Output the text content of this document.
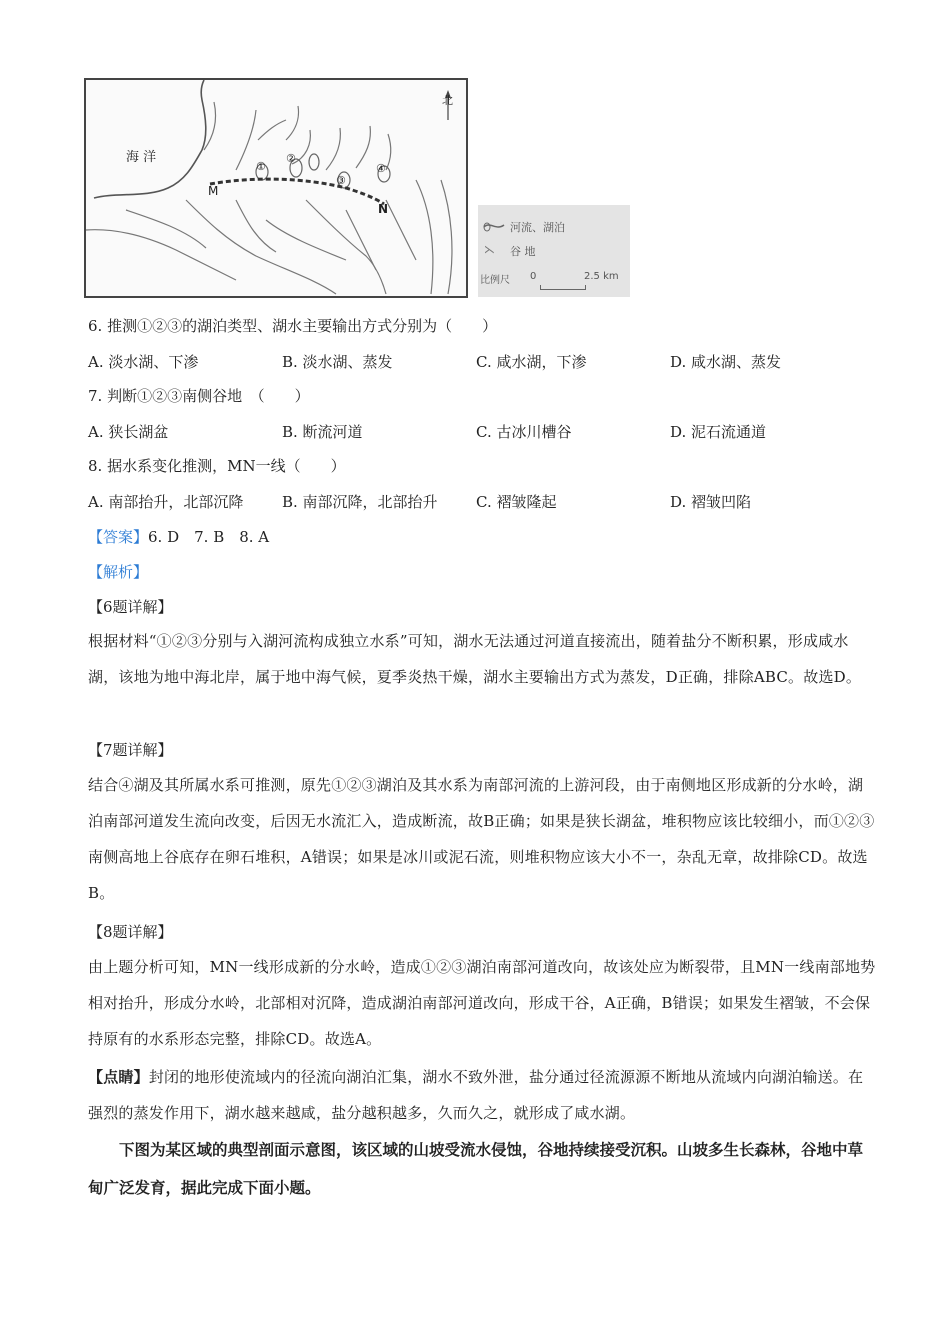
海 洋
北
M
N
①
②
③
④
河流、湖泊
⋋ 谷 地
比例尺 0	2.5 km
6. 推测①②③的湖泊类型、湖水主要输出方式分别为（　　）
A. 淡水湖、下渗	B. 淡水湖、蒸发	C. 咸水湖，下渗	D. 咸水湖、蒸发
7. 判断①②③南侧谷地　（　　）
A. 狭长湖盆	B. 断流河道	C. 古冰川槽谷	D. 泥石流通道
8. 据水系变化推测，MN一线（　　）
A. 南部抬升，北部沉降	B. 南部沉降，北部抬升	C. 褶皱隆起	D. 褶皱凹陷
【答案】6. D　7. B　8. A
【解析】
【6题详解】
根据材料“①②③分别与入湖河流构成独立水系”可知，湖水无法通过河道直接流出，随着盐分不断积累，形成咸水湖，该地为地中海北岸，属于地中海气候，夏季炎热干燥，湖水主要输出方式为蒸发，D正确，排除ABC。故选D。
【7题详解】
结合④湖及其所属水系可推测，原先①②③湖泊及其水系为南部河流的上游河段，由于南侧地区形成新的分水岭，湖泊南部河道发生流向改变，后因无水流汇入，造成断流，故B正确；如果是狭长湖盆，堆积物应该比较细小，而①②③南侧高地上谷底存在卵石堆积，A错误；如果是冰川或泥石流，则堆积物应该大小不一，杂乱无章，故排除CD。故选B。
【8题详解】
由上题分析可知，MN一线形成新的分水岭，造成①②③湖泊南部河道改向，故该处应为断裂带，且MN一线南部地势相对抬升，形成分水岭，北部相对沉降，造成湖泊南部河道改向，形成干谷，A正确，B错误；如果发生褶皱，不会保持原有的水系形态完整，排除CD。故选A。
【点睛】封闭的地形使流域内的径流向湖泊汇集，湖水不致外泄，盐分通过径流源源不断地从流域内向湖泊输送。在强烈的蒸发作用下，湖水越来越咸，盐分越积越多，久而久之，就形成了咸水湖。
下图为某区域的典型剖面示意图，该区域的山坡受流水侵蚀，谷地持续接受沉积。山坡多生长森林，谷地中草甸广泛发育，据此完成下面小题。
